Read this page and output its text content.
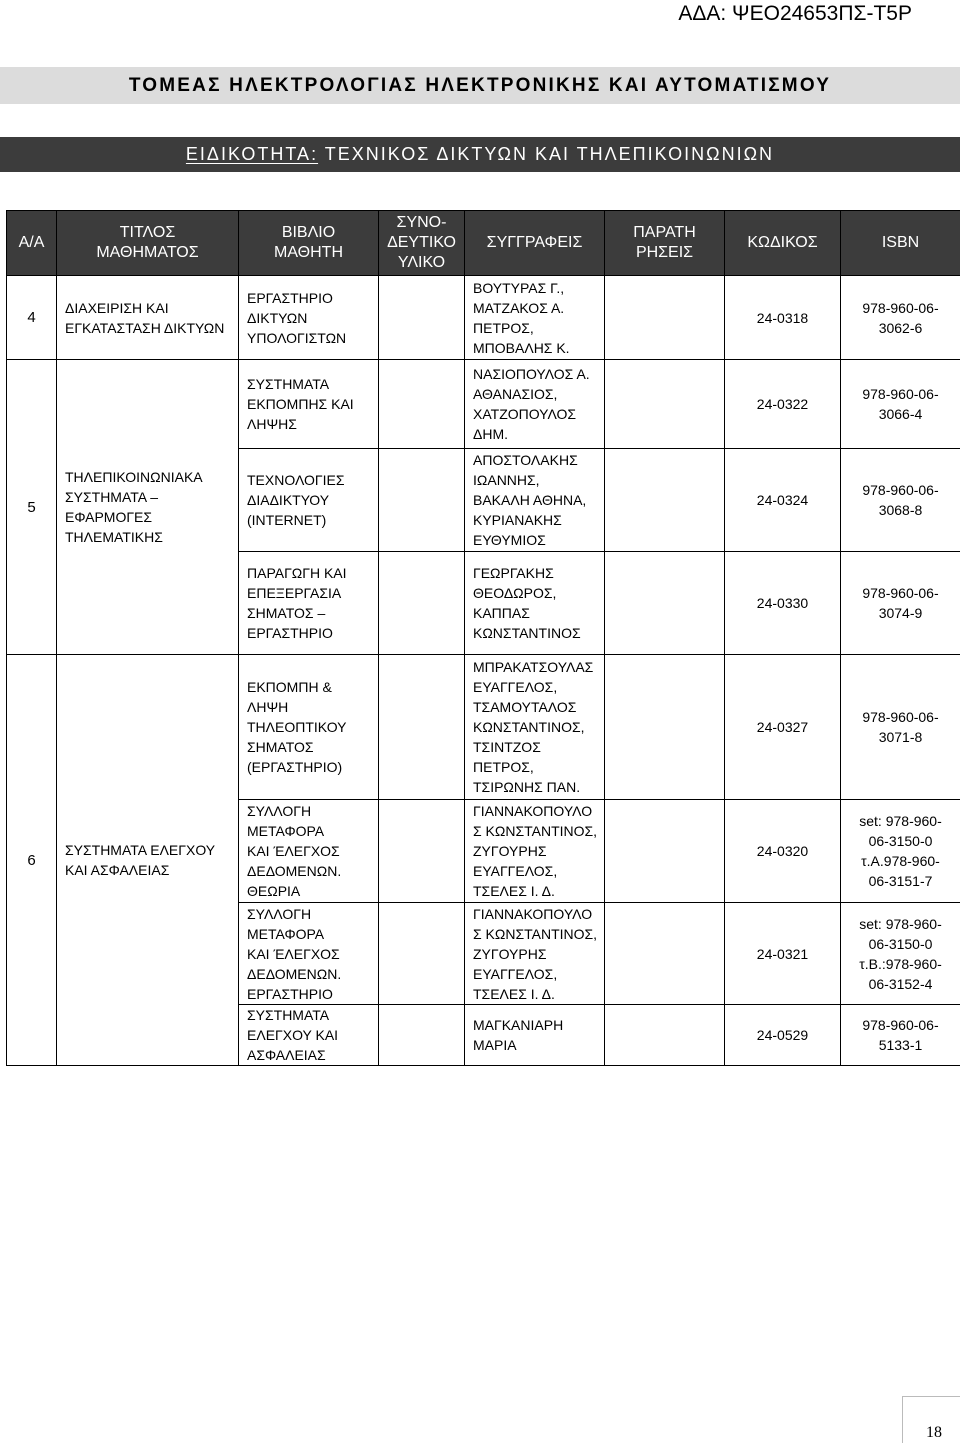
ΑΔΑ: ΨΕΟ24653ΠΣ-Τ5Ρ
ΤΟΜΕΑΣ ΗΛΕΚΤΡΟΛΟΓΙΑΣ ΗΛΕΚΤΡΟΝΙΚΗΣ ΚΑΙ ΑΥΤΟΜΑΤΙΣΜΟΥ
ΕΙΔΙΚΟΤΗΤΑ: ΤΕΧΝΙΚΟΣ ΔΙΚΤΥΩΝ ΚΑΙ ΤΗΛΕΠΙΚΟΙΝΩΝΙΩΝ
Α/Α	ΤΙΤΛΟΣ ΜΑΘΗΜΑΤΟΣ	ΒΙΒΛΙΟ ΜΑΘΗΤΗ	ΣΥΝΟ-ΔΕΥΤΙΚΟ ΥΛΙΚΟ	ΣΥΓΓΡΑΦΕΙΣ	ΠΑΡΑΤΗ ΡΗΣΕΙΣ	ΚΩΔΙΚΟΣ	ISBN
4	ΔΙΑΧΕΙΡΙΣΗ ΚΑΙ ΕΓΚΑΤΑΣΤΑΣΗ ΔΙΚΤΥΩΝ	ΕΡΓΑΣΤΗΡΙΟ ΔΙΚΤΥΩΝ ΥΠΟΛΟΓΙΣΤΩΝ		ΒΟΥΤΥΡΑΣ Γ., ΜΑΤΖΑΚΟΣ Α. ΠΕΤΡΟΣ, ΜΠΟΒΑΛΗΣ Κ.		24-0318	978-960-06-3062-6

5	ΤΗΛΕΠΙΚΟΙΝΩΝΙΑΚΑ ΣΥΣΤΗΜΑΤΑ – ΕΦΑΡΜΟΓΕΣ ΤΗΛΕΜΑΤΙΚΗΣ	ΣΥΣΤΗΜΑΤΑ ΕΚΠΟΜΠΗΣ ΚΑΙ ΛΗΨΗΣ		ΝΑΣΙΟΠΟΥΛΟΣ Α. ΑΘΑΝΑΣΙΟΣ, ΧΑΤΖΟΠΟΥΛΟΣ ΔΗΜ.		24-0322	978-960-06-3066-4

		ΤΕΧΝΟΛΟΓΙΕΣ ΔΙΑΔΙΚΤΥΟΥ (INTERNET)		ΑΠΟΣΤΟΛΑΚΗΣ ΙΩΑΝΝΗΣ, ΒΑΚΑΛΗ ΑΘΗΝΑ, ΚΥΡΙΑΝΑΚΗΣ ΕΥΘΥΜΙΟΣ		24-0324	978-960-06-3068-8

		ΠΑΡΑΓΩΓΗ ΚΑΙ ΕΠΕΞΕΡΓΑΣΙΑ ΣΗΜΑΤΟΣ – ΕΡΓΑΣΤΗΡΙΟ		ΓΕΩΡΓΑΚΗΣ ΘΕΟΔΩΡΟΣ, ΚΑΠΠΑΣ ΚΩΝΣΤΑΝΤΙΝΟΣ		24-0330	978-960-06-3074-9

6	ΣΥΣΤΗΜΑΤΑ ΕΛΕΓΧΟΥ ΚΑΙ ΑΣΦΑΛΕΙΑΣ	ΕΚΠΟΜΠΗ & ΛΗΨΗ ΤΗΛΕΟΠΤΙΚΟΥ ΣΗΜΑΤΟΣ (ΕΡΓΑΣΤΗΡΙΟ)		ΜΠΡΑΚΑΤΣΟΥΛΑΣ ΕΥΑΓΓΕΛΟΣ, ΤΣΑΜΟΥΤΑΛΟΣ ΚΩΝΣΤΑΝΤΙΝΟΣ, ΤΣΙΝΤΖΟΣ ΠΕΤΡΟΣ, ΤΣΙΡΩΝΗΣ ΠΑΝ.		24-0327	978-960-06-3071-8

		ΣΥΛΛΟΓΗ ΜΕΤΑΦΟΡΑ ΚΑΙ ΈΛΕΓΧΟΣ ΔΕΔΟΜΕΝΩΝ. ΘΕΩΡΙΑ		ΓΙΑΝΝΑΚΟΠΟΥΛΟ Σ ΚΩΝΣΤΑΝΤΙΝΟΣ, ΖΥΓΟΥΡΗΣ ΕΥΑΓΓΕΛΟΣ, ΤΣΕΛΕΣ Ι. Δ.		24-0320	set: 978-960-06-3150-0 τ.Α.978-960-06-3151-7

		ΣΥΛΛΟΓΗ ΜΕΤΑΦΟΡΑ ΚΑΙ ΈΛΕΓΧΟΣ ΔΕΔΟΜΕΝΩΝ. ΕΡΓΑΣΤΗΡΙΟ		ΓΙΑΝΝΑΚΟΠΟΥΛΟ Σ ΚΩΝΣΤΑΝΤΙΝΟΣ, ΖΥΓΟΥΡΗΣ ΕΥΑΓΓΕΛΟΣ, ΤΣΕΛΕΣ Ι. Δ.		24-0321	set: 978-960-06-3150-0 τ.Β.:978-960-06-3152-4

		ΣΥΣΤΗΜΑΤΑ ΕΛΕΓΧΟΥ ΚΑΙ ΑΣΦΑΛΕΙΑΣ		ΜΑΓΚΑΝΙΑΡΗ ΜΑΡΙΑ		24-0529	978-960-06-5133-1
18
